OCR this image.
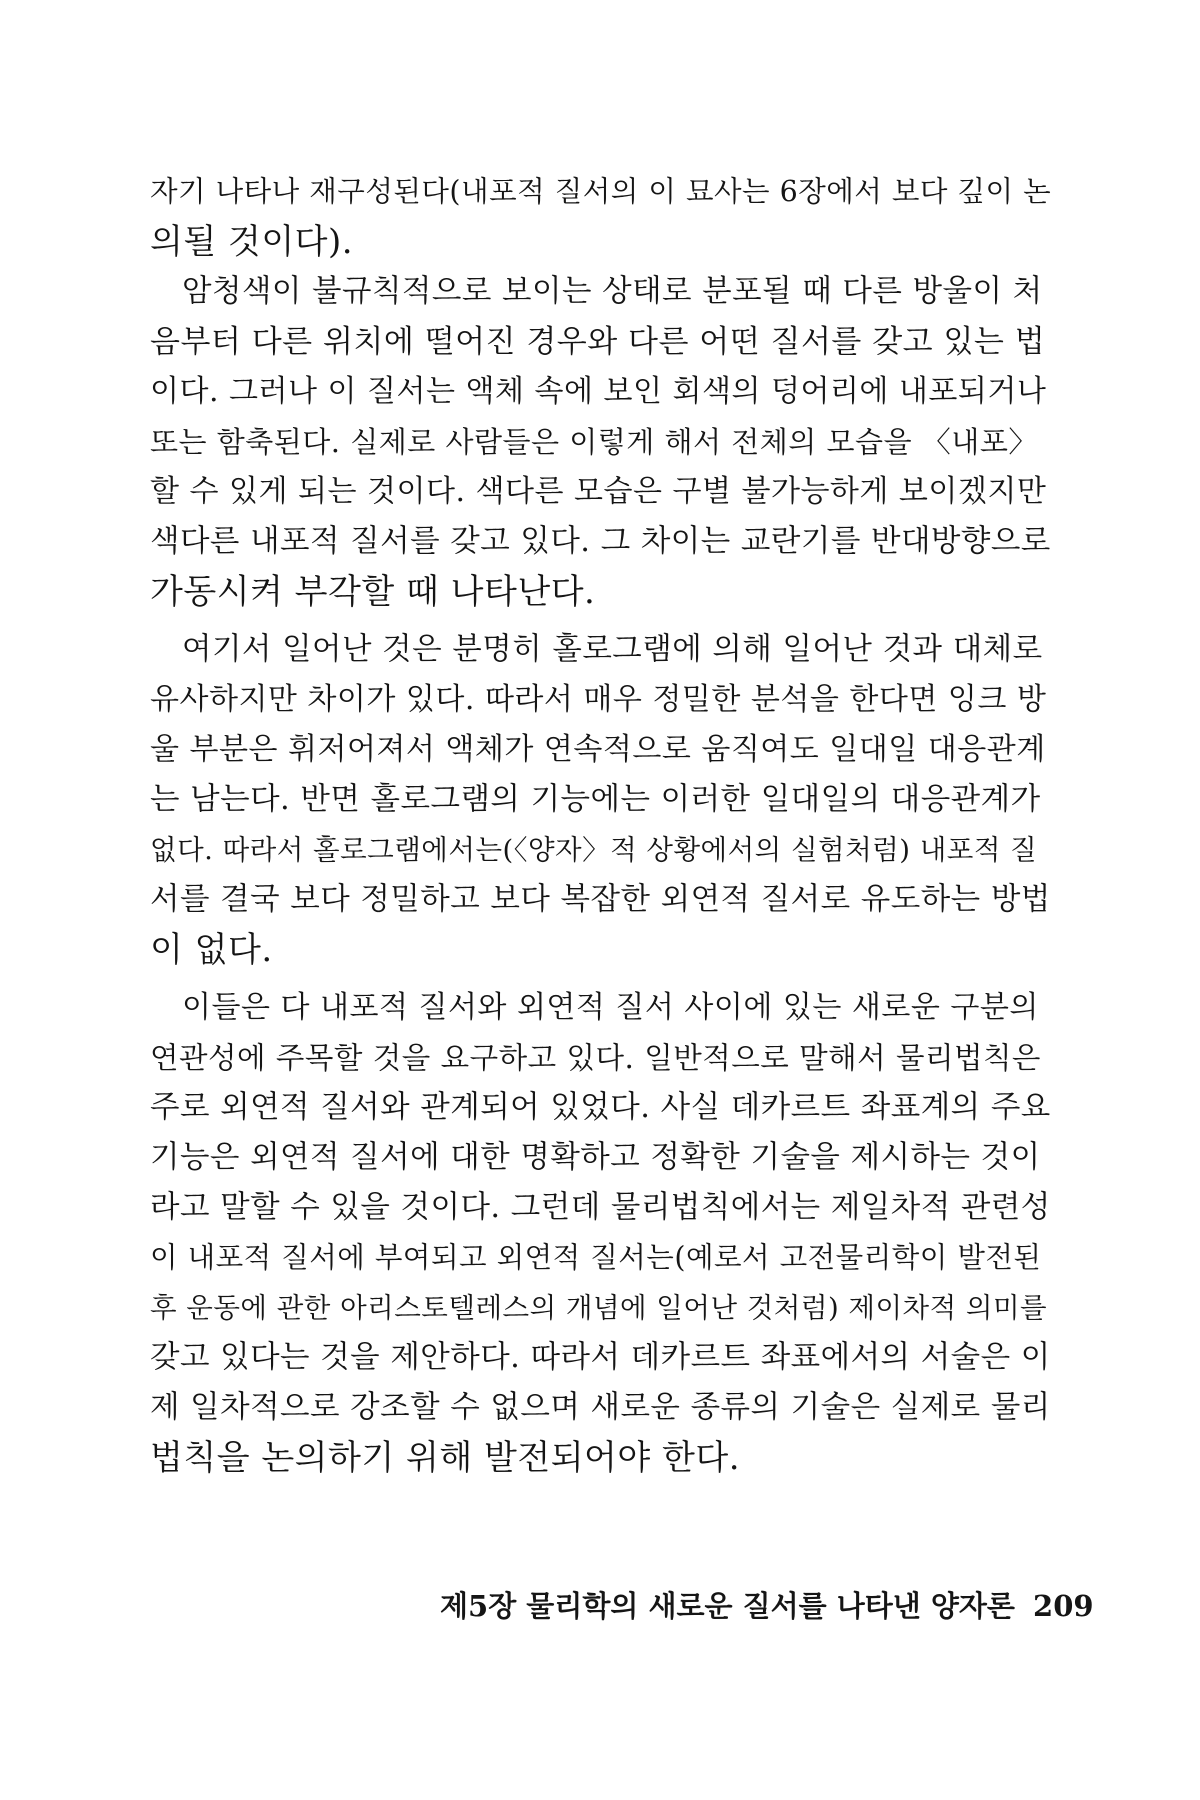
자기 나타나 재구성된다(내포적 질서의 이 묘사는 6장에서 보다 깊이 논

의될 것이다).

암청색이 불규칙적으로 보이는 상태로 분포될 때 다른 방울이 처

음부터 다른 위치에 떨어진 경우와 다른 어떤 질서를 갖고 있는 법

이다. 그러나 이 질서는 액체 속에 보인 회색의 덩어리에 내포되거나

또는 함축된다. 실제로 사람들은 이렇게 해서 전체의 모습을 〈내포〉

할 수 있게 되는 것이다. 색다른 모습은 구별 불가능하게 보이겠지만

색다른 내포적 질서를 갖고 있다. 그 차이는 교란기를 반대방향으로

가동시켜 부각할 때 나타난다.

여기서 일어난 것은 분명히 홀로그램에 의해 일어난 것과 대체로

유사하지만 차이가 있다. 따라서 매우 정밀한 분석을 한다면 잉크 방

울 부분은 휘저어져서 액체가 연속적으로 움직여도 일대일 대응관계

는 남는다. 반면 홀로그램의 기능에는 이러한 일대일의 대응관계가

없다. 따라서 홀로그램에서는(〈양자〉적 상황에서의 실험처럼) 내포적 질

서를 결국 보다 정밀하고 보다 복잡한 외연적 질서로 유도하는 방법

이 없다.

이들은 다 내포적 질서와 외연적 질서 사이에 있는 새로운 구분의

연관성에 주목할 것을 요구하고 있다. 일반적으로 말해서 물리법칙은

주로 외연적 질서와 관계되어 있었다. 사실 데카르트 좌표계의 주요

기능은 외연적 질서에 대한 명확하고 정확한 기술을 제시하는 것이

라고 말할 수 있을 것이다. 그런데 물리법칙에서는 제일차적 관련성

이 내포적 질서에 부여되고 외연적 질서는(예로서 고전물리학이 발전된

후 운동에 관한 아리스토텔레스의 개념에 일어난 것처럼) 제이차적 의미를

갖고 있다는 것을 제안하다. 따라서 데카르트 좌표에서의 서술은 이

제 일차적으로 강조할 수 없으며 새로운 종류의 기술은 실제로 물리

법칙을 논의하기 위해 발전되어야 한다.

제5장 물리학의 새로운 질서를 나타낸 양자론 209
